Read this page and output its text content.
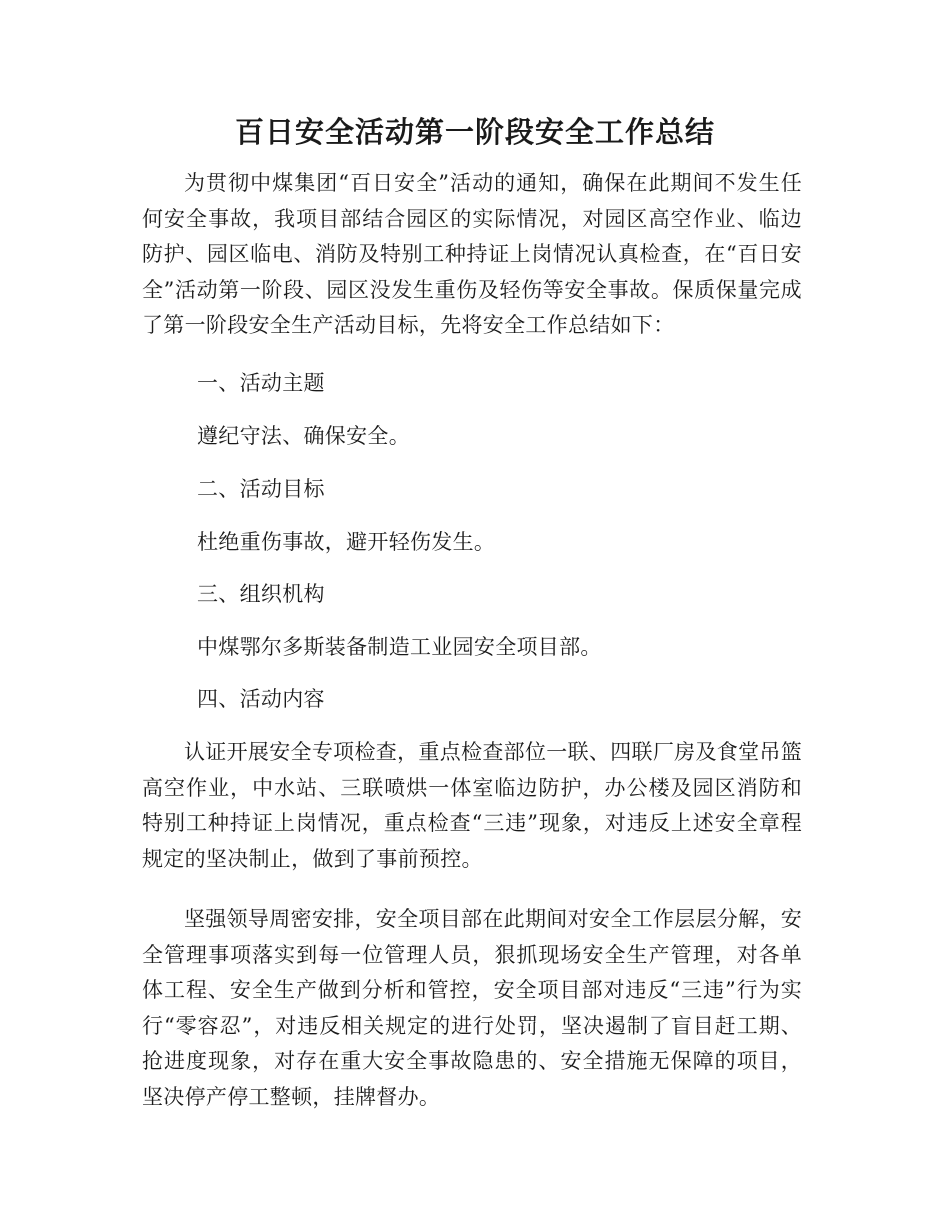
百日安全活动第一阶段安全工作总结

为贯彻中煤集团“百日安全”活动的通知，确保在此期间不发生任何安全事故，我项目部结合园区的实际情况，对园区高空作业、临边防护、园区临电、消防及特别工种持证上岗情况认真检查，在“百日安全”活动第一阶段、园区没发生重伤及轻伤等安全事故。保质保量完成了第一阶段安全生产活动目标，先将安全工作总结如下：

一、活动主题

遵纪守法、确保安全。

二、活动目标

杜绝重伤事故，避开轻伤发生。

三、组织机构

中煤鄂尔多斯装备制造工业园安全项目部。

四、活动内容

认证开展安全专项检查，重点检查部位一联、四联厂房及食堂吊篮高空作业，中水站、三联喷烘一体室临边防护，办公楼及园区消防和特别工种持证上岗情况，重点检查“三违”现象，对违反上述安全章程规定的坚决制止，做到了事前预控。

坚强领导周密安排，安全项目部在此期间对安全工作层层分解，安全管理事项落实到每一位管理人员，狠抓现场安全生产管理，对各单体工程、安全生产做到分析和管控，安全项目部对违反“三违”行为实行“零容忍”，对违反相关规定的进行处罚，坚决遏制了盲目赶工期、抢进度现象，对存在重大安全事故隐患的、安全措施无保障的项目，坚决停产停工整顿，挂牌督办。
